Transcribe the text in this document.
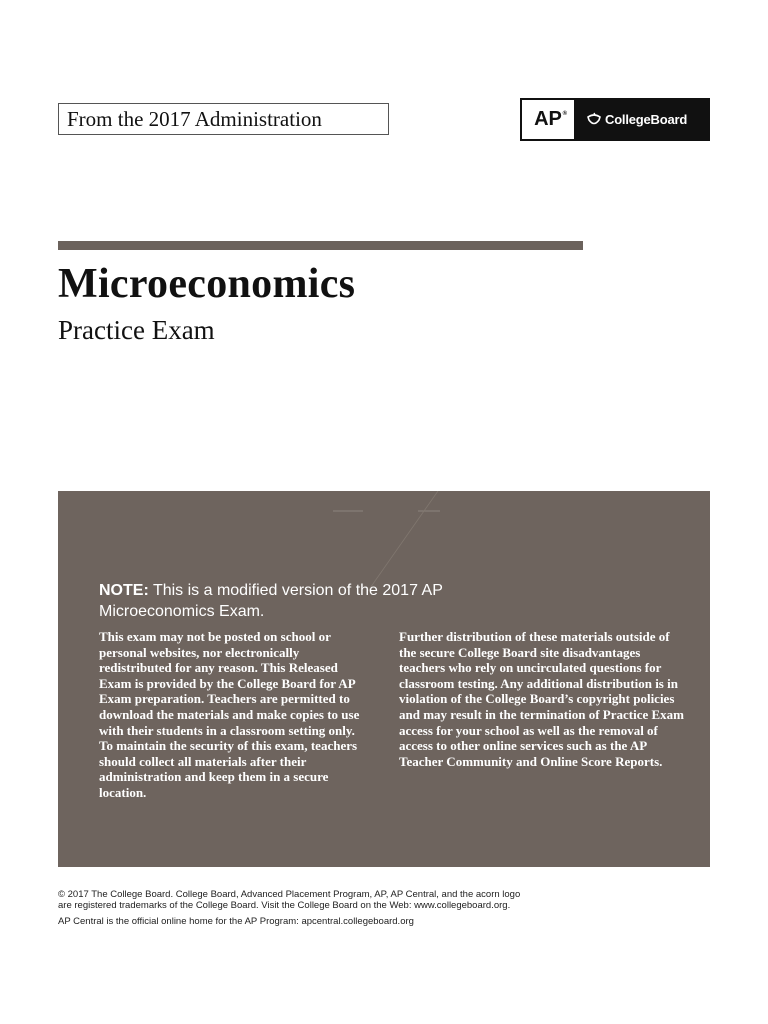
From the 2017 Administration	AP®	CollegeBoard
Microeconomics
Practice Exam
NOTE: This is a modified version of the 2017 AP Microeconomics Exam.
This exam may not be posted on school or personal websites, nor electronically redistributed for any reason. This Released Exam is provided by the College Board for AP Exam preparation. Teachers are permitted to download the materials and make copies to use with their students in a classroom setting only. To maintain the security of this exam, teachers should collect all materials after their administration and keep them in a secure location.
Further distribution of these materials outside of the secure College Board site disadvantages teachers who rely on uncirculated questions for classroom testing. Any additional distribution is in violation of the College Board’s copyright policies and may result in the termination of Practice Exam access for your school as well as the removal of access to other online services such as the AP Teacher Community and Online Score Reports.

© 2017 The College Board. College Board, Advanced Placement Program, AP, AP Central, and the acorn logo

are registered trademarks of the College Board. Visit the College Board on the Web: www.collegeboard.org.

AP Central is the official online home for the AP Program: apcentral.collegeboard.org
